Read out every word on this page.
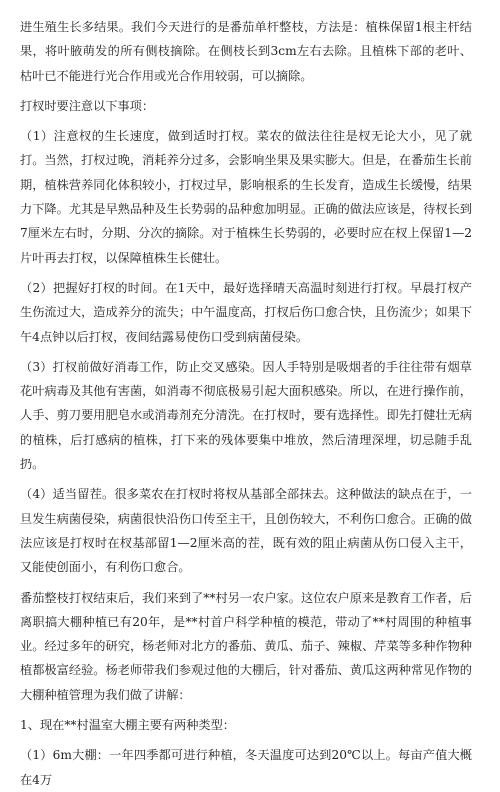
进生殖生长多结果。我们今天进行的是番茄单杆整枝，方法是：植株保留1根主杆结果，将叶腋萌发的所有侧枝摘除。在侧枝长到3cm左右去除。且植株下部的老叶、枯叶已不能进行光合作用或光合作用较弱，可以摘除。

打杈时要注意以下事项：

（1）注意杈的生长速度，做到适时打杈。菜农的做法往往是杈无论大小，见了就打。当然，打杈过晚，消耗养分过多，会影响坐果及果实膨大。但是，在番茄生长前期，植株营养同化体积较小，打杈过早，影响根系的生长发育，造成生长缓慢，结果力下降。尤其是早熟品种及生长势弱的品种愈加明显。正确的做法应该是，待杈长到7厘米左右时，分期、分次的摘除。对于植株生长势弱的，必要时应在杈上保留1—2片叶再去打杈，以保障植株生长健壮。

（2）把握好打杈的时间。在1天中，最好选择晴天高温时刻进行打杈。早晨打杈产生伤流过大，造成养分的流失；中午温度高，打杈后伤口愈合快，且伤流少；如果下午4点钟以后打杈，夜间结露易使伤口受到病菌侵染。

（3）打杈前做好消毒工作，防止交叉感染。因人手特别是吸烟者的手往往带有烟草花叶病毒及其他有害菌，如消毒不彻底极易引起大面积感染。所以，在进行操作前，人手、剪刀要用肥皂水或消毒剂充分清洗。在打杈时，要有选择性。即先打健壮无病的植株，后打感病的植株，打下来的残体要集中堆放，然后清理深埋，切忌随手乱扔。

（4）适当留茬。很多菜农在打杈时将杈从基部全部抹去。这种做法的缺点在于，一旦发生病菌侵染，病菌很快沿伤口传至主干，且创伤较大，不利伤口愈合。正确的做法应该是打杈时在杈基部留1—2厘米高的茬，既有效的阻止病菌从伤口侵入主干，又能使创面小，有利伤口愈合。

番茄整枝打杈结束后，我们来到了**村另一农户家。这位农户原来是教育工作者，后离职搞大棚种植已有20年，是**村首户科学种植的模范，带动了**村周围的种植事业。经过多年的研究，杨老师对北方的番茄、黄瓜、茄子、辣椒、芹菜等多种作物种植都极富经验。杨老师带我们参观过他的大棚后，针对番茄、黄瓜这两种常见作物的大棚种植管理为我们做了讲解：

1、现在**村温室大棚主要有两种类型：

（1）6m大棚：一年四季都可进行种植，冬天温度可达到20℃以上。每亩产值大概在4万
